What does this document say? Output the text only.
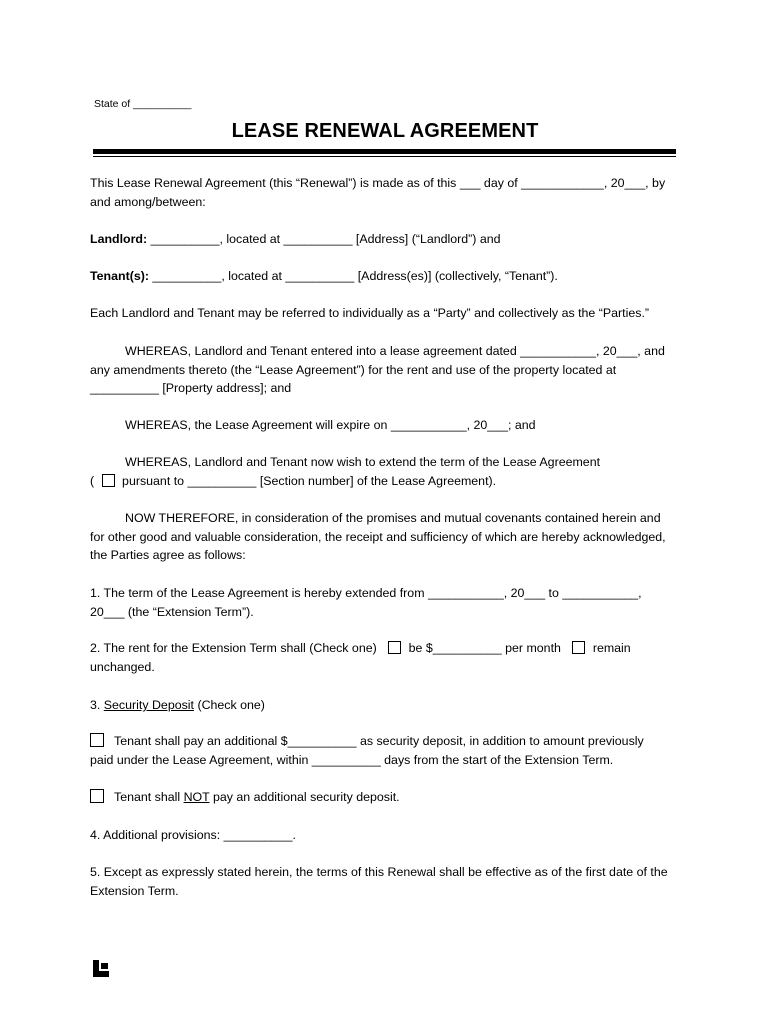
State of __________
LEASE RENEWAL AGREEMENT
This Lease Renewal Agreement (this “Renewal”) is made as of this ___ day of ____________, 20___, by
and among/between:
Landlord: __________, located at __________ [Address] (“Landlord”) and
Tenant(s): __________, located at __________ [Address(es)] (collectively, “Tenant”).
Each Landlord and Tenant may be referred to individually as a “Party” and collectively as the “Parties.”
WHEREAS, Landlord and Tenant entered into a lease agreement dated ___________, 20___, and
any amendments thereto (the “Lease Agreement”) for the rent and use of the property located at
__________ [Property address]; and
WHEREAS, the Lease Agreement will expire on ___________, 20___; and
WHEREAS, Landlord and Tenant now wish to extend the term of the Lease Agreement
( pursuant to __________ [Section number] of the Lease Agreement).
NOW THEREFORE, in consideration of the promises and mutual covenants contained herein and
for other good and valuable consideration, the receipt and sufficiency of which are hereby acknowledged,
the Parties agree as follows:
1. The term of the Lease Agreement is hereby extended from ___________, 20___ to ___________,
20___ (the “Extension Term”).
2. The rent for the Extension Term shall (Check one)	be $__________ per month	remain
unchanged.
3. Security Deposit (Check one)
Tenant shall pay an additional $__________ as security deposit, in addition to amount previously
paid under the Lease Agreement, within __________ days from the start of the Extension Term.
Tenant shall NOT pay an additional security deposit.
4. Additional provisions: __________.
5. Except as expressly stated herein, the terms of this Renewal shall be effective as of the first date of the
Extension Term.
